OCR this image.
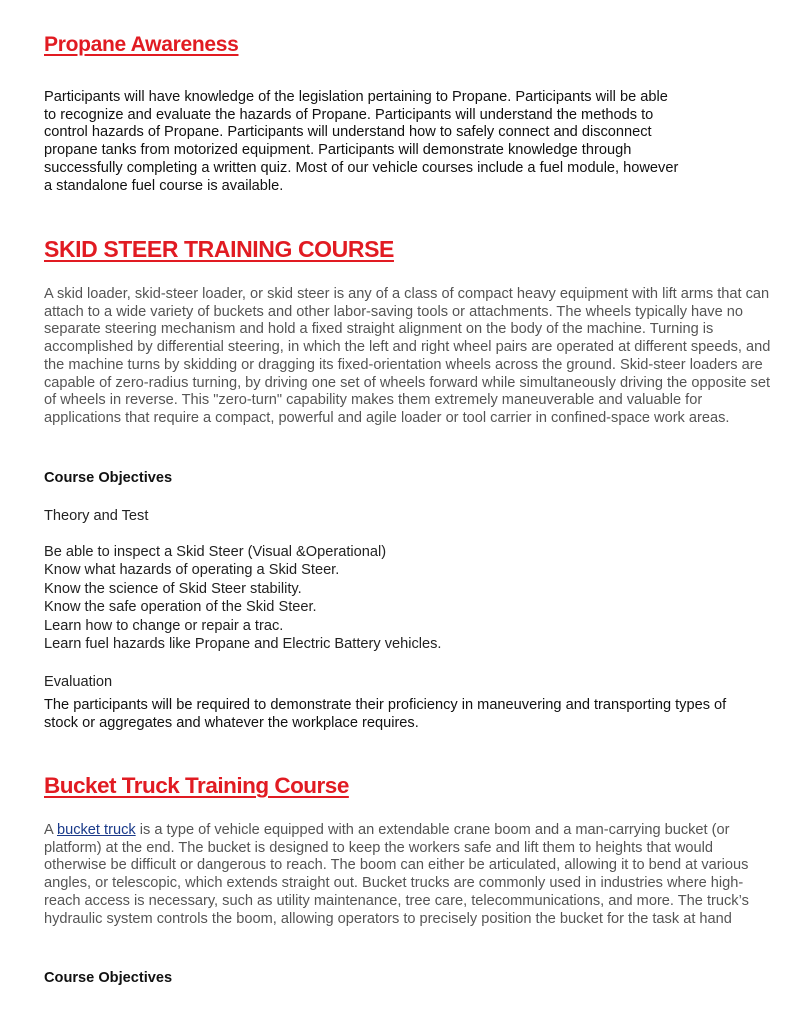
Propane Awareness

Participants will have knowledge of the legislation pertaining to Propane. Participants will be able to recognize and evaluate the hazards of Propane. Participants will understand the methods to control hazards of Propane. Participants will understand how to safely connect and disconnect propane tanks from motorized equipment. Participants will demonstrate knowledge through successfully completing a written quiz. Most of our vehicle courses include a fuel module, however a standalone fuel course is available.

SKID STEER TRAINING COURSE

A skid loader, skid-steer loader, or skid steer is any of a class of compact heavy equipment with lift arms that can attach to a wide variety of buckets and other labor-saving tools or attachments. The wheels typically have no separate steering mechanism and hold a fixed straight alignment on the body of the machine. Turning is accomplished by differential steering, in which the left and right wheel pairs are operated at different speeds, and the machine turns by skidding or dragging its fixed-orientation wheels across the ground. Skid-steer loaders are capable of zero-radius turning, by driving one set of wheels forward while simultaneously driving the opposite set of wheels in reverse. This "zero-turn" capability makes them extremely maneuverable and valuable for applications that require a compact, powerful and agile loader or tool carrier in confined-space work areas.

Course Objectives

Theory and Test

Be able to inspect a Skid Steer (Visual &Operational)
Know what hazards of operating a Skid Steer.
Know the science of Skid Steer stability.
Know the safe operation of the Skid Steer.
Learn how to change or repair a trac.
Learn fuel hazards like Propane and Electric Battery vehicles.

Evaluation

The participants will be required to demonstrate their proficiency in maneuvering and transporting types of stock or aggregates and whatever the workplace requires.

Bucket Truck Training Course

A bucket truck is a type of vehicle equipped with an extendable crane boom and a man-carrying bucket (or platform) at the end. The bucket is designed to keep the workers safe and lift them to heights that would otherwise be difficult or dangerous to reach. The boom can either be articulated, allowing it to bend at various angles, or telescopic, which extends straight out. Bucket trucks are commonly used in industries where high-reach access is necessary, such as utility maintenance, tree care, telecommunications, and more. The truck’s hydraulic system controls the boom, allowing operators to precisely position the bucket for the task at hand

Course Objectives
